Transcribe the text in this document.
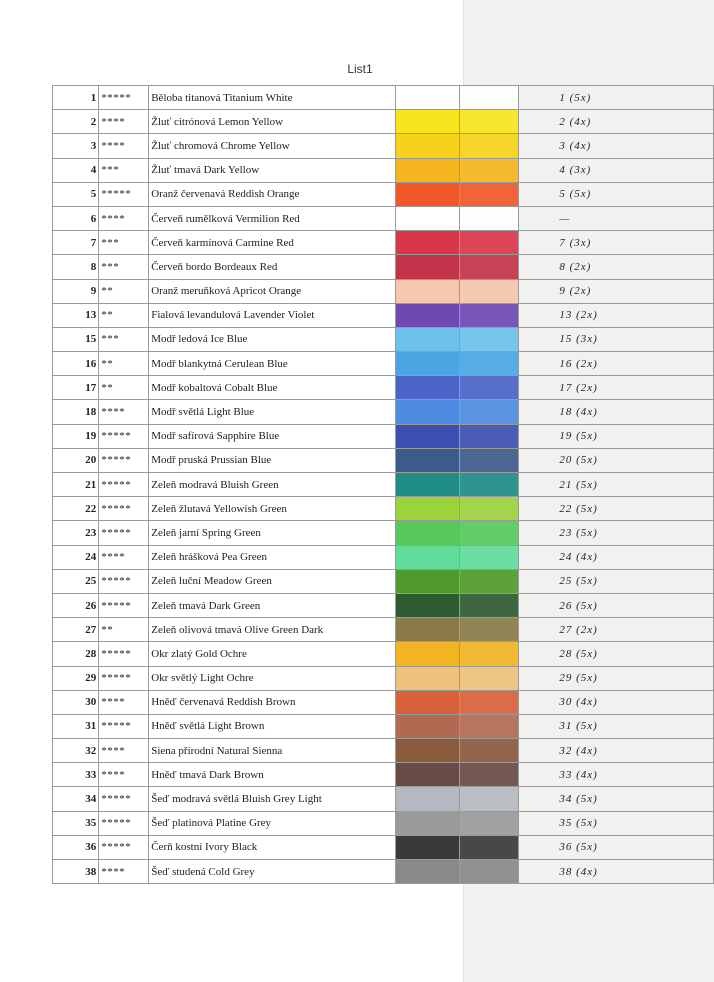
List1
1	*****	Běloba titanová Titanium White			1 (5x)
2	****	Žluť citrónová Lemon Yellow			2 (4x)
3	****	Žluť chromová Chrome Yellow			3 (4x)
4	***	Žluť tmavá Dark Yellow			4 (3x)
5	*****	Oranž červenavá Reddish Orange			5 (5x)
6	****	Červeň rumělková Vermilion Red			—
7	***	Červeň karmínová Carmine Red			7 (3x)
8	***	Červeň bordo Bordeaux Red			8 (2x)
9	**	Oranž meruňková Apricot Orange			9 (2x)
13	**	Fialová levandulová Lavender Violet			13 (2x)
15	***	Modř ledová Ice Blue			15 (3x)
16	**	Modř blankytná Cerulean Blue			16 (2x)
17	**	Modř kobaltová Cobalt Blue			17 (2x)
18	****	Modř světlá Light Blue			18 (4x)
19	*****	Modř safírová Sapphire Blue			19 (5x)
20	*****	Modř pruská Prussian Blue			20 (5x)
21	*****	Zeleň modravá Bluish Green			21 (5x)
22	*****	Zeleň žlutavá Yellowish Green			22 (5x)
23	*****	Zeleň jarní Spring Green			23 (5x)
24	****	Zeleň hrášková Pea Green			24 (4x)
25	*****	Zeleň luční Meadow Green			25 (5x)
26	*****	Zeleň tmavá Dark Green			26 (5x)
27	**	Zeleň olivová tmavá Olive Green Dark			27 (2x)
28	*****	Okr zlatý Gold Ochre			28 (5x)
29	*****	Okr světlý Light Ochre			29 (5x)
30	****	Hněď červenavá Reddish Brown			30 (4x)
31	*****	Hněď světlá Light Brown			31 (5x)
32	****	Siena přírodní Natural Sienna			32 (4x)
33	****	Hněď tmavá Dark Brown			33 (4x)
34	*****	Šeď modravá světlá Bluish Grey Light			34 (5x)
35	*****	Šeď platinová Platine Grey			35 (5x)
36	*****	Čerň kostní Ivory Black			36 (5x)
38	****	Šeď studená Cold Grey			38 (4x)
